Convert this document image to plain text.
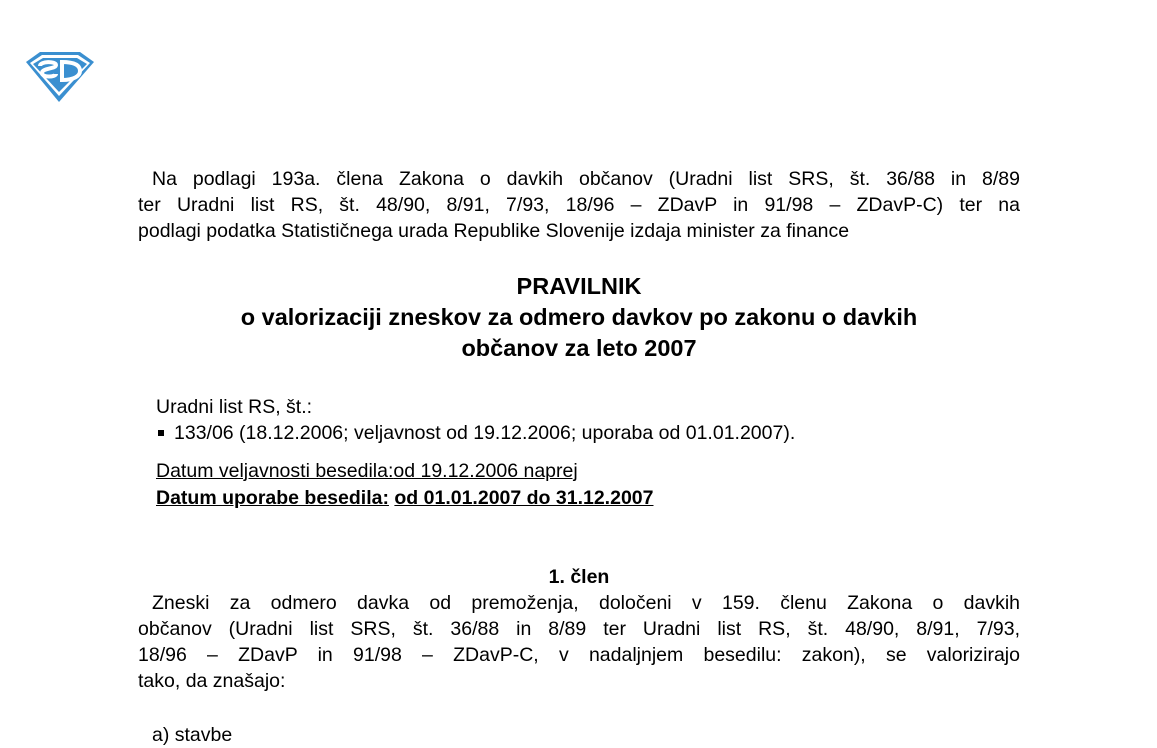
Na podlagi 193a. člena Zakona o davkih občanov (Uradni list SRS, št. 36/88 in 8/89
ter Uradni list RS, št. 48/90, 8/91, 7/93, 18/96 – ZDavP in 91/98 – ZDavP-C) ter na
podlagi podatka Statističnega urada Republike Slovenije izdaja minister za finance
PRAVILNIK
o valorizaciji zneskov za odmero davkov po zakonu o davkih
občanov za leto 2007
Uradni list RS, št.:
133/06 (18.12.2006; veljavnost od 19.12.2006; uporaba od 01.01.2007).
Datum veljavnosti besedila:od 19.12.2006 naprej
Datum uporabe besedila: od 01.01.2007 do 31.12.2007
1. člen
Zneski za odmero davka od premoženja, določeni v 159. členu Zakona o davkih
občanov (Uradni list SRS, št. 36/88 in 8/89 ter Uradni list RS, št. 48/90, 8/91, 7/93,
18/96 – ZDavP in 91/98 – ZDavP-C, v nadaljnjem besedilu: zakon), se valorizirajo
tako, da znašajo:
a) stavbe
